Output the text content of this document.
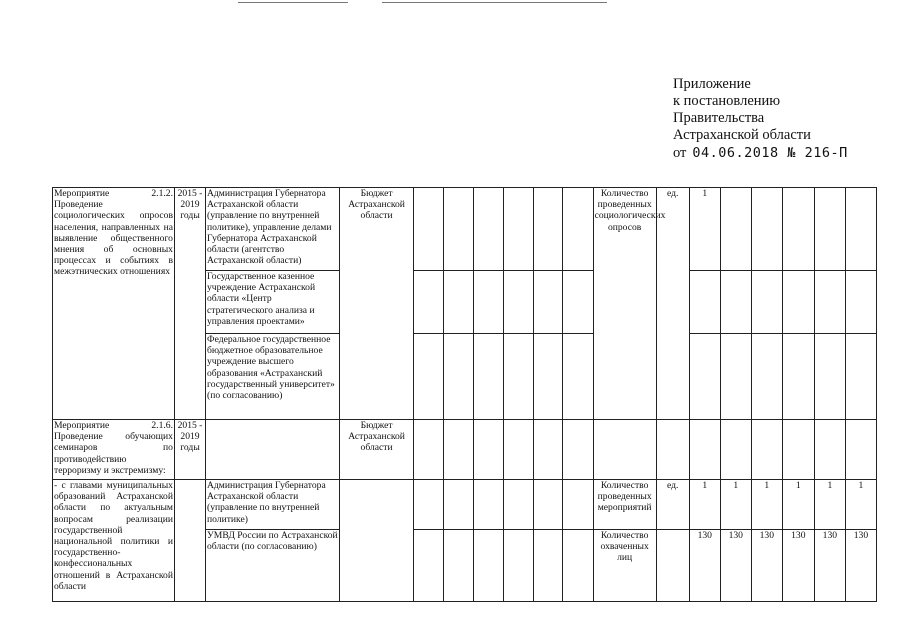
Приложение
к постановлению
Правительства
Астраханской области
от 04.06.2018 № 216-П
Мероприятие 2.1.2. Проведение социологических опросов населения, направленных на выявление общественного мнения об основных процессах и событиях в межэтнических отношениях	2015 - 2019 годы	Администрация Губернатора Астраханской области (управление по внутренней политике), управление делами Губернатора Астраханской области (агентство Астраханской области)	Бюджет Астраханской области							Количество проведенных социологических опросов	ед.	1					
		Государственное казенное учреждение Астраханской области «Центр стратегического анализа и управления проектами»															
		Федеральное государственное бюджетное образовательное учреждение высшего образования «Астраханский государственный университет» (по согласованию)															
Мероприятие 2.1.6. Проведение обучающих семинаров по противодействию терроризму и экстремизму:	2015 - 2019 годы		Бюджет Астраханской области														
- с главами муниципальных образований Астраханской области по актуальным вопросам реализации государственной национальной политики и государственно-конфессиональных отношений в Астраханской области		Администрация Губернатора Астраханской области (управление по внутренней политике)								Количество проведенных мероприятий	ед.	1	1	1	1	1	1
		УМВД России по Астраханской области (по согласованию)								Количество охваченных лиц		130	130	130	130	130	130
